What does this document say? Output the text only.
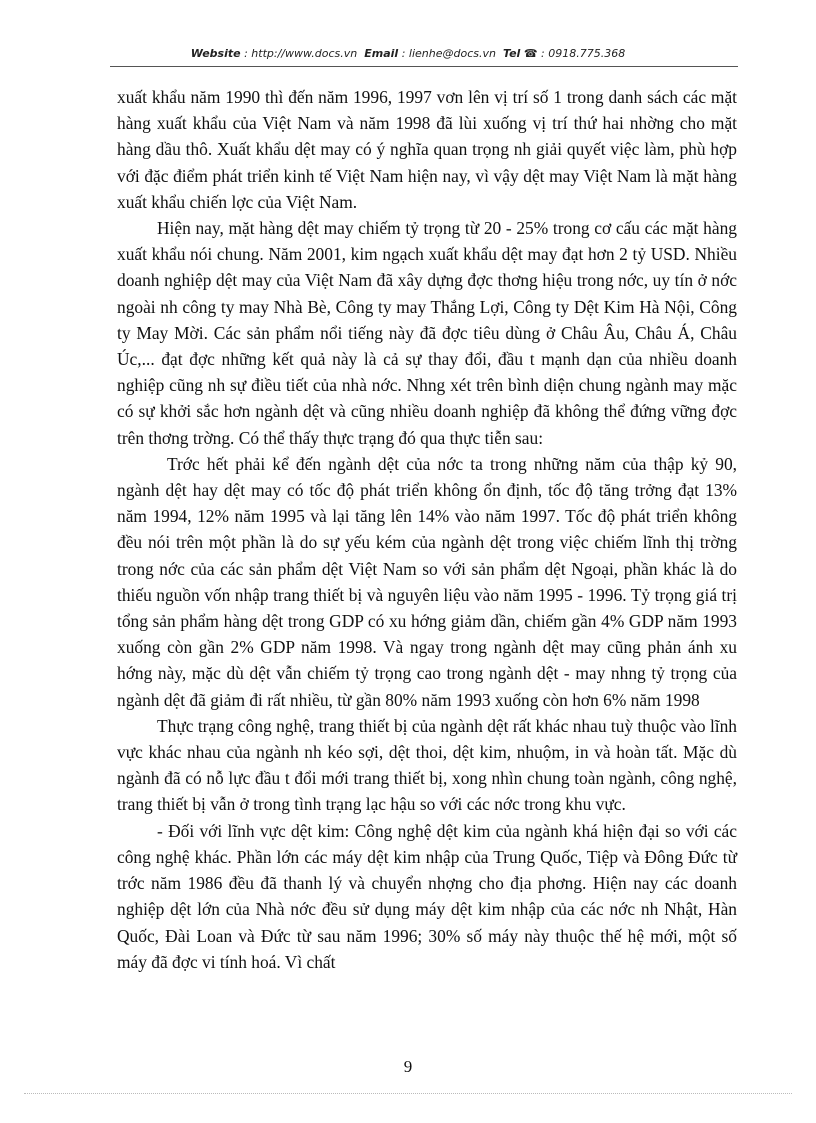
Website : http://www.docs.vn Email : lienhe@docs.vn Tel ☎ : 0918.775.368

xuất khẩu năm 1990 thì đến năm 1996, 1997 vơn lên vị trí số 1 trong danh sách các mặt hàng xuất khẩu của Việt Nam và năm 1998 đã lùi xuống vị trí thứ hai nhờng cho mặt hàng dầu thô. Xuất khẩu dệt may có ý nghĩa quan trọng nh giải quyết việc làm, phù hợp với đặc điểm phát triển kinh tế Việt Nam hiện nay, vì vậy dệt may Việt Nam là mặt hàng xuất khẩu chiến lợc của Việt Nam.

Hiện nay, mặt hàng dệt may chiếm tỷ trọng từ 20 - 25% trong cơ cấu các mặt hàng xuất khẩu nói chung. Năm 2001, kim ngạch xuất khẩu dệt may đạt hơn 2 tỷ USD. Nhiều doanh nghiệp dệt may của Việt Nam đã xây dựng đợc thơng hiệu trong nớc, uy tín ở nớc ngoài nh công ty may Nhà Bè, Công ty may Thắng Lợi, Công ty Dệt Kim Hà Nội, Công ty May Mời. Các sản phẩm nổi tiếng này đã đợc tiêu dùng ở Châu Âu, Châu Á, Châu Úc,... đạt đợc những kết quả này là cả sự thay đổi, đầu t mạnh dạn của nhiều doanh nghiệp cũng nh sự điều tiết của nhà nớc. Nhng xét trên bình diện chung ngành may mặc có sự khởi sắc hơn ngành dệt và cũng nhiều doanh nghiệp đã không thể đứng vững đợc trên thơng trờng. Có thể thấy thực trạng đó qua thực tiễn sau:

Trớc hết phải kể đến ngành dệt của nớc ta trong những năm của thập kỷ 90, ngành dệt hay dệt may có tốc độ phát triển không ổn định, tốc độ tăng trởng đạt 13% năm 1994, 12% năm 1995 và lại tăng lên 14% vào năm 1997. Tốc độ phát triển không đều nói trên một phần là do sự yếu kém của ngành dệt trong việc chiếm lĩnh thị trờng trong nớc của các sản phẩm dệt Việt Nam so với sản phẩm dệt Ngoại, phần khác là do thiếu nguồn vốn nhập trang thiết bị và nguyên liệu vào năm 1995 - 1996. Tỷ trọng giá trị tổng sản phẩm hàng dệt trong GDP có xu hớng giảm dần, chiếm gần 4% GDP năm 1993 xuống còn gần 2% GDP năm 1998. Và ngay trong ngành dệt may cũng phản ánh xu hớng này, mặc dù dệt vẫn chiếm tỷ trọng cao trong ngành dệt - may nhng tỷ trọng của ngành dệt đã giảm đi rất nhiều, từ gần 80% năm 1993 xuống còn hơn 6% năm 1998

Thực trạng công nghệ, trang thiết bị của ngành dệt rất khác nhau tuỳ thuộc vào lĩnh vực khác nhau của ngành nh kéo sợi, dệt thoi, dệt kim, nhuộm, in và hoàn tất. Mặc dù ngành đã có nỗ lực đầu t đổi mới trang thiết bị, xong nhìn chung toàn ngành, công nghệ, trang thiết bị vẫn ở trong tình trạng lạc hậu so với các nớc trong khu vực.

- Đối với lĩnh vực dệt kim: Công nghệ dệt kim của ngành khá hiện đại so với các công nghệ khác. Phần lớn các máy dệt kim nhập của Trung Quốc, Tiệp và Đông Đức từ trớc năm 1986 đều đã thanh lý và chuyển nhợng cho địa phơng. Hiện nay các doanh nghiệp dệt lớn của Nhà nớc đều sử dụng máy dệt kim nhập của các nớc nh Nhật, Hàn Quốc, Đài Loan và Đức từ sau năm 1996; 30% số máy này thuộc thế hệ mới, một số máy đã đợc vi tính hoá. Vì chất

9
